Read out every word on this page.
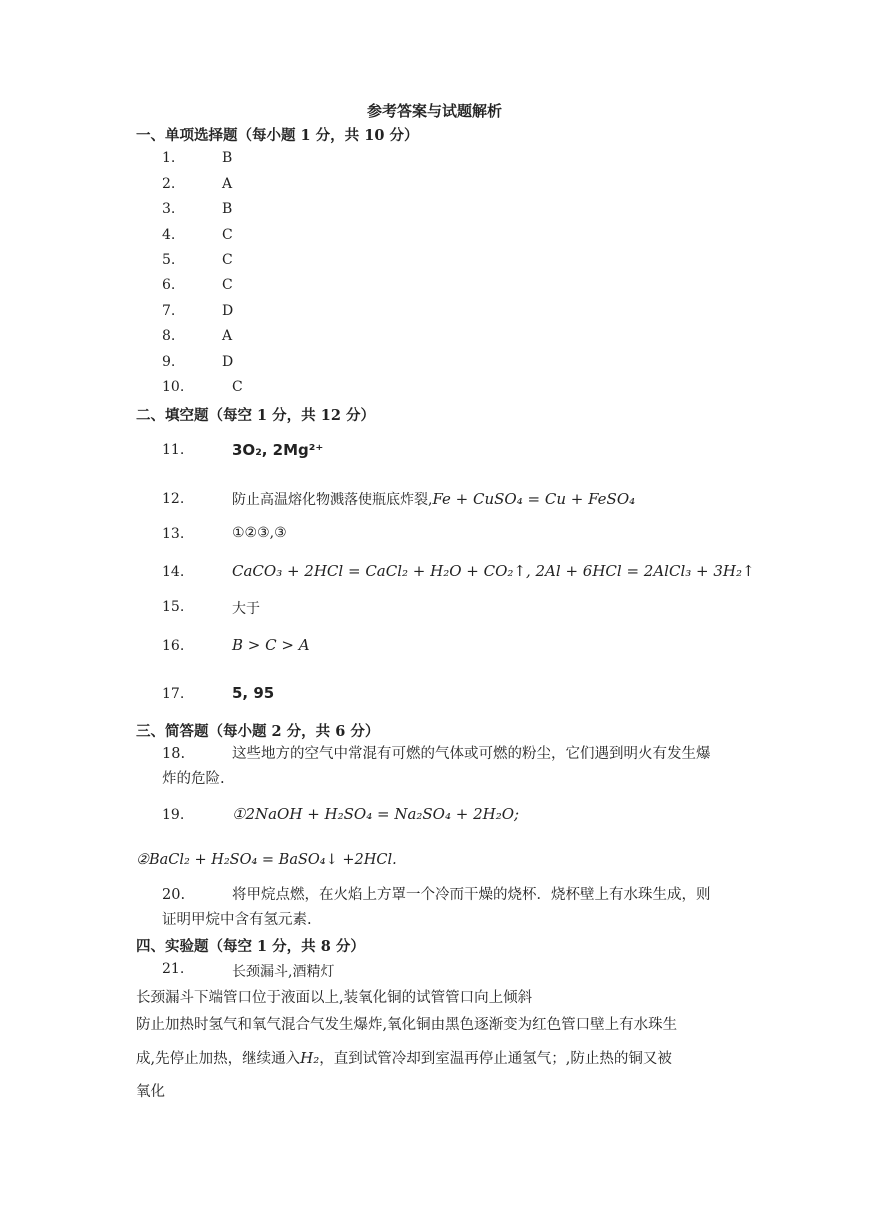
参考答案与试题解析
一、单项选择题（每小题 1 分，共 10 分）
1.	B
2.	A
3.	B
4.	C
5.	C
6.	C
7.	D
8.	A
9.	D
10.	C
二、填空题（每空 1 分，共 12 分）
11.	3O₂, 2Mg²⁺
12.	防止高温熔化物溅落使瓶底炸裂,Fe + CuSO₄ = Cu + FeSO₄
13.	①②③,③
14.	CaCO₃ + 2HCl = CaCl₂ + H₂O + CO₂↑, 2Al + 6HCl = 2AlCl₃ + 3H₂↑
15.	大于
16.	B > C > A
17.	5, 95
三、简答题（每小题 2 分，共 6 分）
18.	这些地方的空气中常混有可燃的气体或可燃的粉尘，它们遇到明火有发生爆
炸的危险.
19.	①2NaOH + H₂SO₄ = Na₂SO₄ + 2H₂O;
②BaCl₂ + H₂SO₄ = BaSO₄↓ +2HCl.
20.	将甲烷点燃，在火焰上方罩一个冷而干燥的烧杯．烧杯壁上有水珠生成，则
证明甲烷中含有氢元素.
四、实验题（每空 1 分，共 8 分）
21.	长颈漏斗,酒精灯
长颈漏斗下端管口位于液面以上,装氧化铜的试管管口向上倾斜
防止加热时氢气和氧气混合气发生爆炸,氧化铜由黑色逐渐变为红色管口壁上有水珠生
成,先停止加热，继续通入H₂，直到试管冷却到室温再停止通氢气；,防止热的铜又被
氧化
